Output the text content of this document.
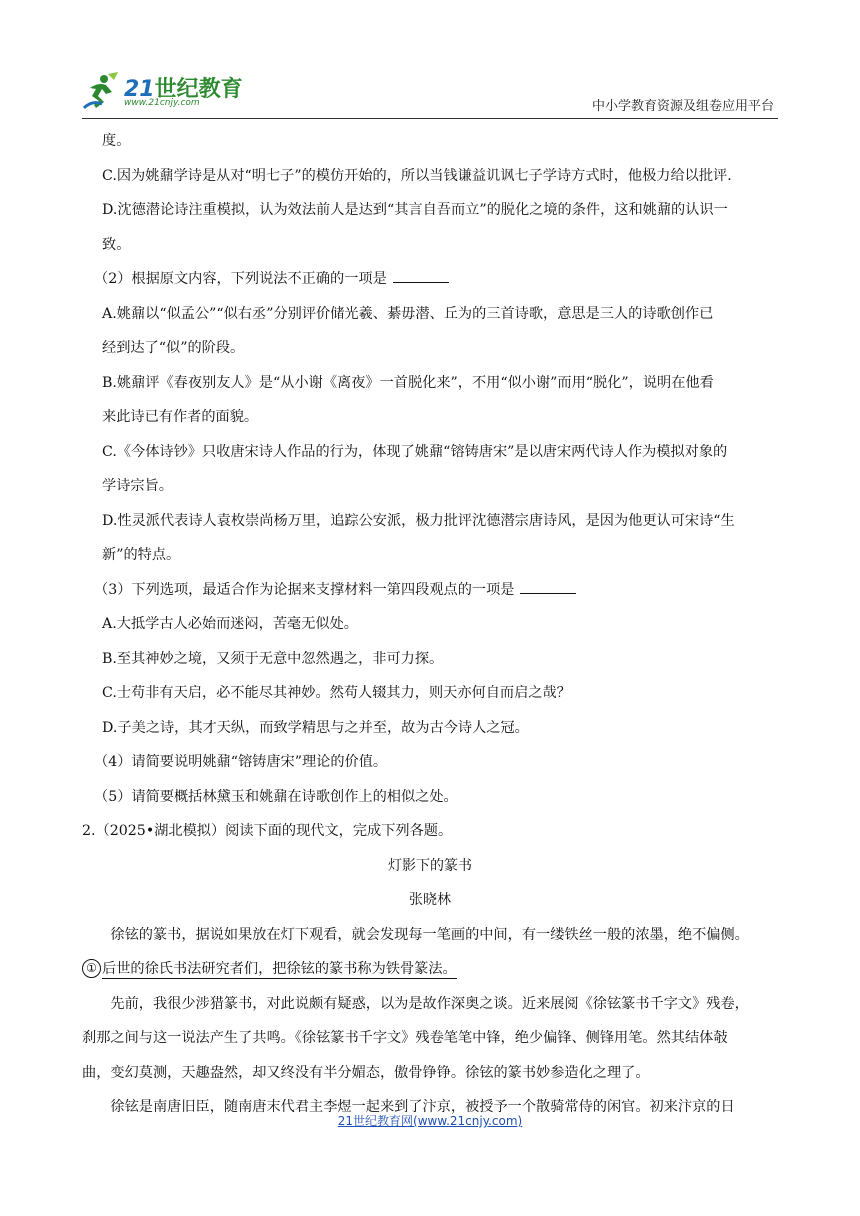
21世纪教育
www.21cnjy.com	中小学教育资源及组卷应用平台

度。

C.因为姚鼐学诗是从对“明七子”的模仿开始的，所以当钱谦益讥讽七子学诗方式时，他极力给以批评.

D.沈德潜论诗注重模拟，认为效法前人是达到“其言自吾而立”的脱化之境的条件，这和姚鼐的认识一

致。

（2）根据原文内容，下列说法不正确的一项是

A.姚鼐以“似孟公”“似右丞”分别评价储光羲、綦毋潜、丘为的三首诗歌，意思是三人的诗歌创作已

经到达了“似”的阶段。

B.姚鼐评《春夜别友人》是“从小谢《离夜》一首脱化来”，不用“似小谢”而用“脱化”，说明在他看

来此诗已有作者的面貌。

C.《今体诗钞》只收唐宋诗人作品的行为，体现了姚鼐“镕铸唐宋”是以唐宋两代诗人作为模拟对象的

学诗宗旨。

D.性灵派代表诗人袁枚崇尚杨万里，追踪公安派，极力批评沈德潜宗唐诗风，是因为他更认可宋诗“生

新”的特点。

（3）下列选项，最适合作为论据来支撑材料一第四段观点的一项是

A.大抵学古人必始而迷闷，苦毫无似处。

B.至其神妙之境，又须于无意中忽然遇之，非可力探。

C.士苟非有天启，必不能尽其神妙。然苟人辍其力，则天亦何自而启之哉？

D.子美之诗，其才天纵，而致学精思与之并至，故为古今诗人之冠。

（4）请简要说明姚鼐“镕铸唐宋”理论的价值。

（5）请简要概括林黛玉和姚鼐在诗歌创作上的相似之处。

2.（2025•湖北模拟）阅读下面的现代文，完成下列各题。

灯影下的篆书

张晓林

徐铉的篆书，据说如果放在灯下观看，就会发现每一笔画的中间，有一缕铁丝一般的浓墨，绝不偏侧。

① 后世的徐氏书法研究者们，把徐铉的篆书称为铁骨篆法。

先前，我很少涉猎篆书，对此说颇有疑惑，以为是故作深奥之谈。近来展阅《徐铉篆书千字文》残卷，

刹那之间与这一说法产生了共鸣。《徐铉篆书千字文》残卷笔笔中锋，绝少偏锋、侧锋用笔。然其结体攲

曲，变幻莫测，天趣盎然，却又终没有半分媚态，傲骨铮铮。徐铉的篆书妙参造化之理了。

徐铉是南唐旧臣，随南唐末代君主李煜一起来到了汴京，被授予一个散骑常侍的闲官。初来汴京的日

21世纪教育网(www.21cnjy.com)
